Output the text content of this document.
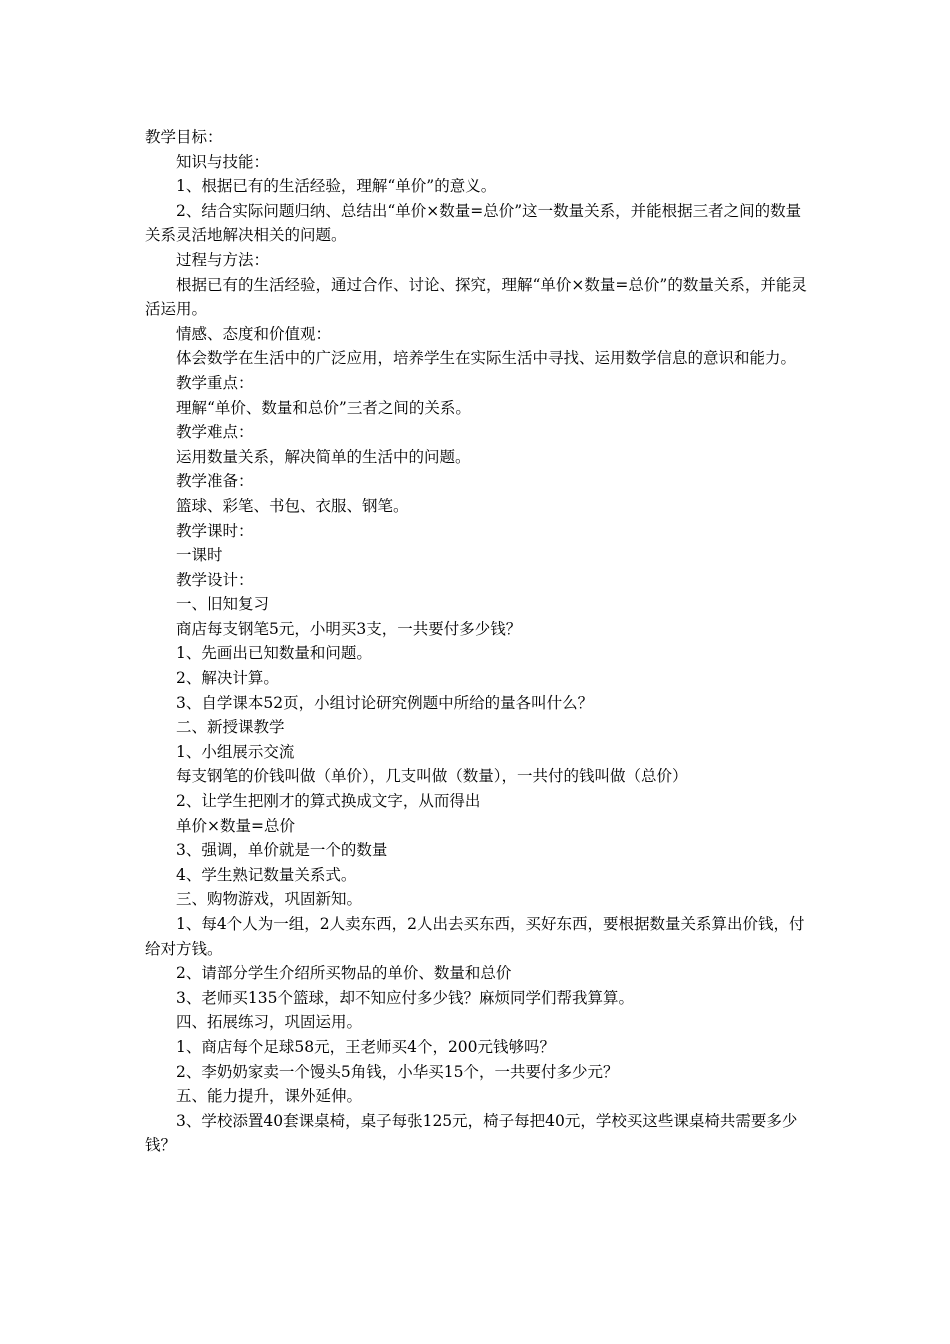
教学目标：

知识与技能：

1、根据已有的生活经验，理解“单价”的意义。

2、结合实际问题归纳、总结出“单价×数量=总价”这一数量关系，并能根据三者之间的数量关系灵活地解决相关的问题。

过程与方法：

根据已有的生活经验，通过合作、讨论、探究，理解“单价×数量=总价”的数量关系，并能灵活运用。

情感、态度和价值观：

体会数学在生活中的广泛应用，培养学生在实际生活中寻找、运用数学信息的意识和能力。

教学重点：

理解“单价、数量和总价”三者之间的关系。

教学难点：

运用数量关系，解决简单的生活中的问题。

教学准备：

篮球、彩笔、书包、衣服、钢笔。

教学课时：

一课时

教学设计：

一、旧知复习

商店每支钢笔5元，小明买3支，一共要付多少钱？

1、先画出已知数量和问题。

2、解决计算。

3、自学课本52页，小组讨论研究例题中所给的量各叫什么？

二、新授课教学

1、小组展示交流

每支钢笔的价钱叫做（单价），几支叫做（数量），一共付的钱叫做（总价）

2、让学生把刚才的算式换成文字，从而得出

单价×数量=总价

3、强调，单价就是一个的数量

4、学生熟记数量关系式。

三、购物游戏，巩固新知。

1、每4个人为一组，2人卖东西，2人出去买东西，买好东西，要根据数量关系算出价钱，付给对方钱。

2、请部分学生介绍所买物品的单价、数量和总价

3、老师买135个篮球，却不知应付多少钱？麻烦同学们帮我算算。

四、拓展练习，巩固运用。

1、商店每个足球58元，王老师买4个，200元钱够吗？

2、李奶奶家卖一个馒头5角钱，小华买15个，一共要付多少元？

五、能力提升，课外延伸。

3、学校添置40套课桌椅，桌子每张125元，椅子每把40元，学校买这些课桌椅共需要多少钱？
